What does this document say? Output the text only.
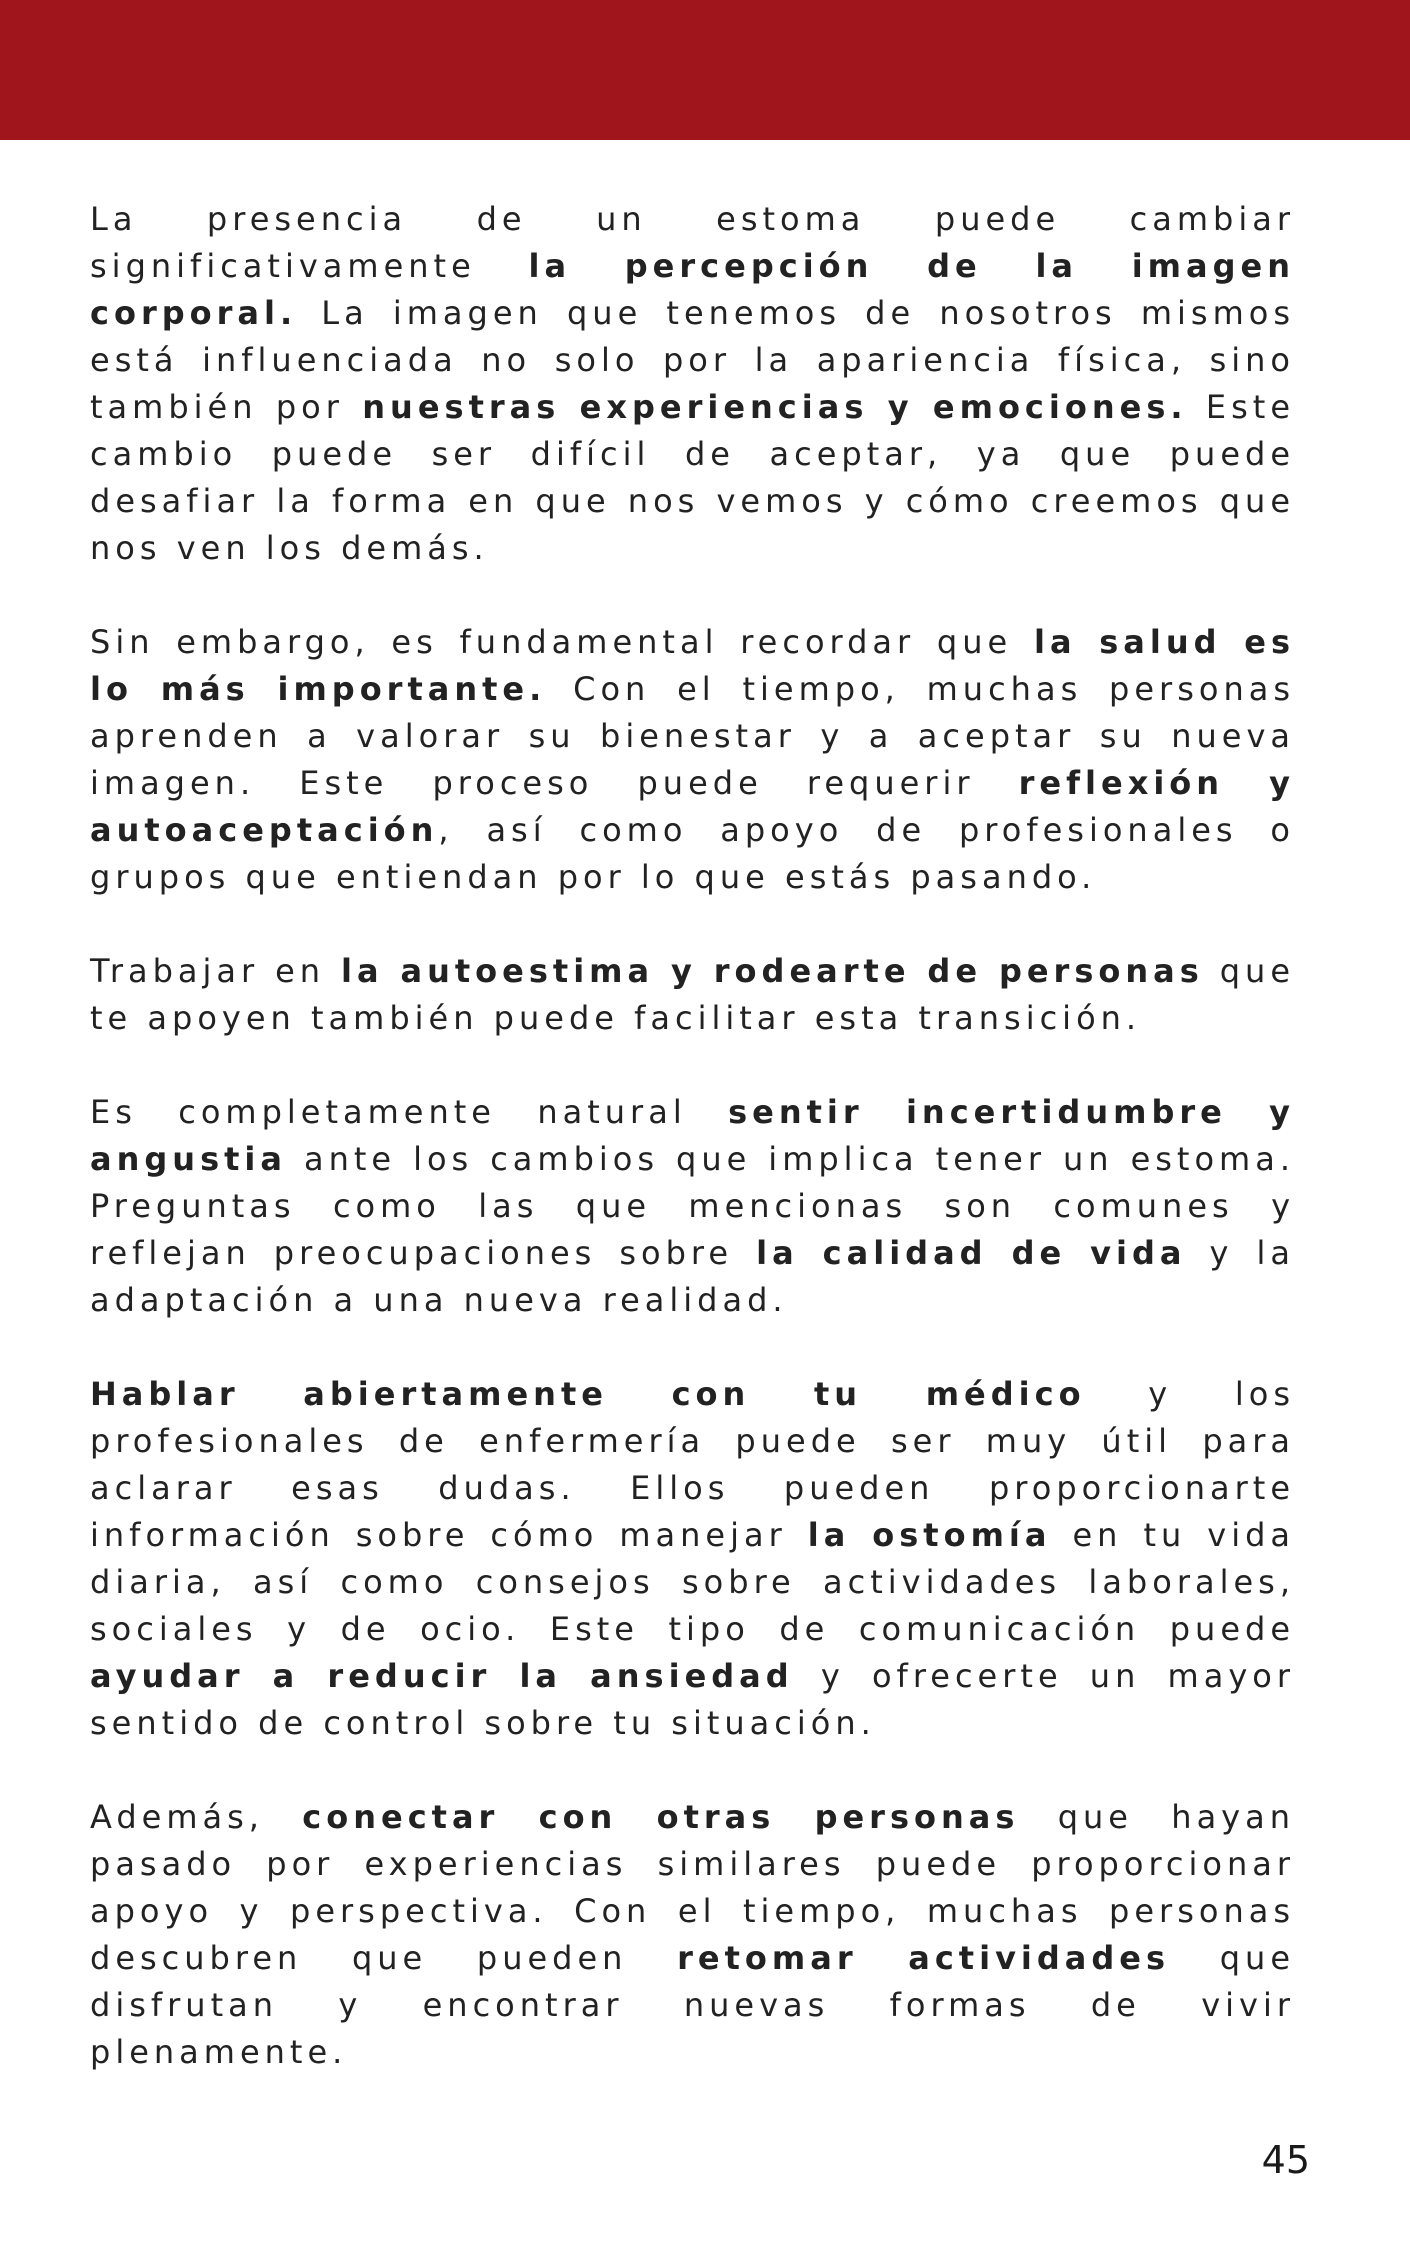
La presencia de un estoma puede cambiar significativamente la percepción de la imagen corporal. La imagen que tenemos de nosotros mismos está influenciada no solo por la apariencia física, sino también por nuestras experiencias y emociones. Este cambio puede ser difícil de aceptar, ya que puede desafiar la forma en que nos vemos y cómo creemos que nos ven los demás.

Sin embargo, es fundamental recordar que la salud es lo más importante. Con el tiempo, muchas personas aprenden a valorar su bienestar y a aceptar su nueva imagen. Este proceso puede requerir reflexión y autoaceptación, así como apoyo de profesionales o grupos que entiendan por lo que estás pasando.

Trabajar en la autoestima y rodearte de personas que te apoyen también puede facilitar esta transición.

Es completamente natural sentir incertidumbre y angustia ante los cambios que implica tener un estoma. Preguntas como las que mencionas son comunes y reflejan preocupaciones sobre la calidad de vida y la adaptación a una nueva realidad.

Hablar abiertamente con tu médico y los profesionales de enfermería puede ser muy útil para aclarar esas dudas. Ellos pueden proporcionarte información sobre cómo manejar la ostomía en tu vida diaria, así como consejos sobre actividades laborales, sociales y de ocio. Este tipo de comunicación puede ayudar a reducir la ansiedad y ofrecerte un mayor sentido de control sobre tu situación.

Además, conectar con otras personas que hayan pasado por experiencias similares puede proporcionar apoyo y perspectiva. Con el tiempo, muchas personas descubren que pueden retomar actividades que disfrutan y encontrar nuevas formas de vivir plenamente.

45
